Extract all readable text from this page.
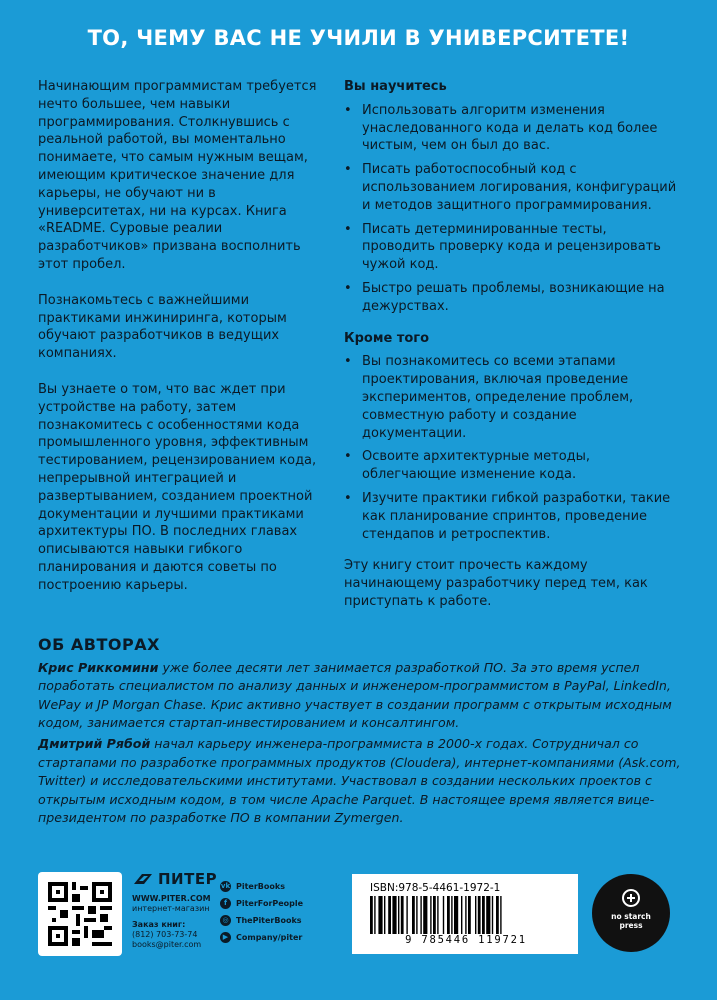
ТО, ЧЕМУ ВАС НЕ УЧИЛИ В УНИВЕРСИТЕТЕ!

Начинающим программистам требуется нечто большее, чем навыки программирования. Столкнувшись с реальной работой, вы моментально понимаете, что самым нужным вещам, имеющим критическое значение для карьеры, не обучают ни в университетах, ни на курсах. Книга «README. Суровые реалии разработчиков» призвана восполнить этот пробел.

Познакомьтесь с важнейшими практиками инжиниринга, которым обучают разработчиков в ведущих компаниях.

Вы узнаете о том, что вас ждет при устройстве на работу, затем познакомитесь с особенностями кода промышленного уровня, эффективным тестированием, рецензированием кода, непрерывной интеграцией и развертыванием, созданием проектной документации и лучшими практиками архитектуры ПО. В последних главах описываются навыки гибкого планирования и даются советы по построению карьеры.

Вы научитесь
• Использовать алгоритм изменения унаследованного кода и делать код более чистым, чем он был до вас.
• Писать работоспособный код с использованием логирования, конфигураций и методов защитного программирования.
• Писать детерминированные тесты, проводить проверку кода и рецензировать чужой код.
• Быстро решать проблемы, возникающие на дежурствах.
Кроме того
• Вы познакомитесь со всеми этапами проектирования, включая проведение экспериментов, определение проблем, совместную работу и создание документации.
• Освоите архитектурные методы, облегчающие изменение кода.
• Изучите практики гибкой разработки, такие как планирование спринтов, проведение стендапов и ретроспектив.

Эту книгу стоит прочесть каждому начинающему разработчику перед тем, как приступать к работе.

ОБ АВТОРАХ

Крис Риккомини уже более десяти лет занимается разработкой ПО. За это время успел поработать специалистом по анализу данных и инженером-программистом в PayPal, LinkedIn, WePay и JP Morgan Chase. Крис активно участвует в создании программ с открытым исходным кодом, занимается стартап-инвестированием и консалтингом.

Дмитрий Рябой начал карьеру инженера-программиста в 2000-х годах. Сотрудничал со стартапами по разработке программных продуктов (Cloudera), интернет-компаниями (Ask.com, Twitter) и исследовательскими институтами. Участвовал в создании нескольких проектов с открытым исходным кодом, в том числе Apache Parquet. В настоящее время является вице-президентом по разработке ПО в компании Zymergen.

ПИТЕР
WWW.PITER.COM
интернет-магазин
Заказ книг:
(812) 703-73-74
books@piter.com
vk PiterBooks
f	PiterForPeople
◎ ThePiterBooks
▶ Company/piter
ISBN:978-5-4461-1972-1
9 785446 119721
no starch
press
